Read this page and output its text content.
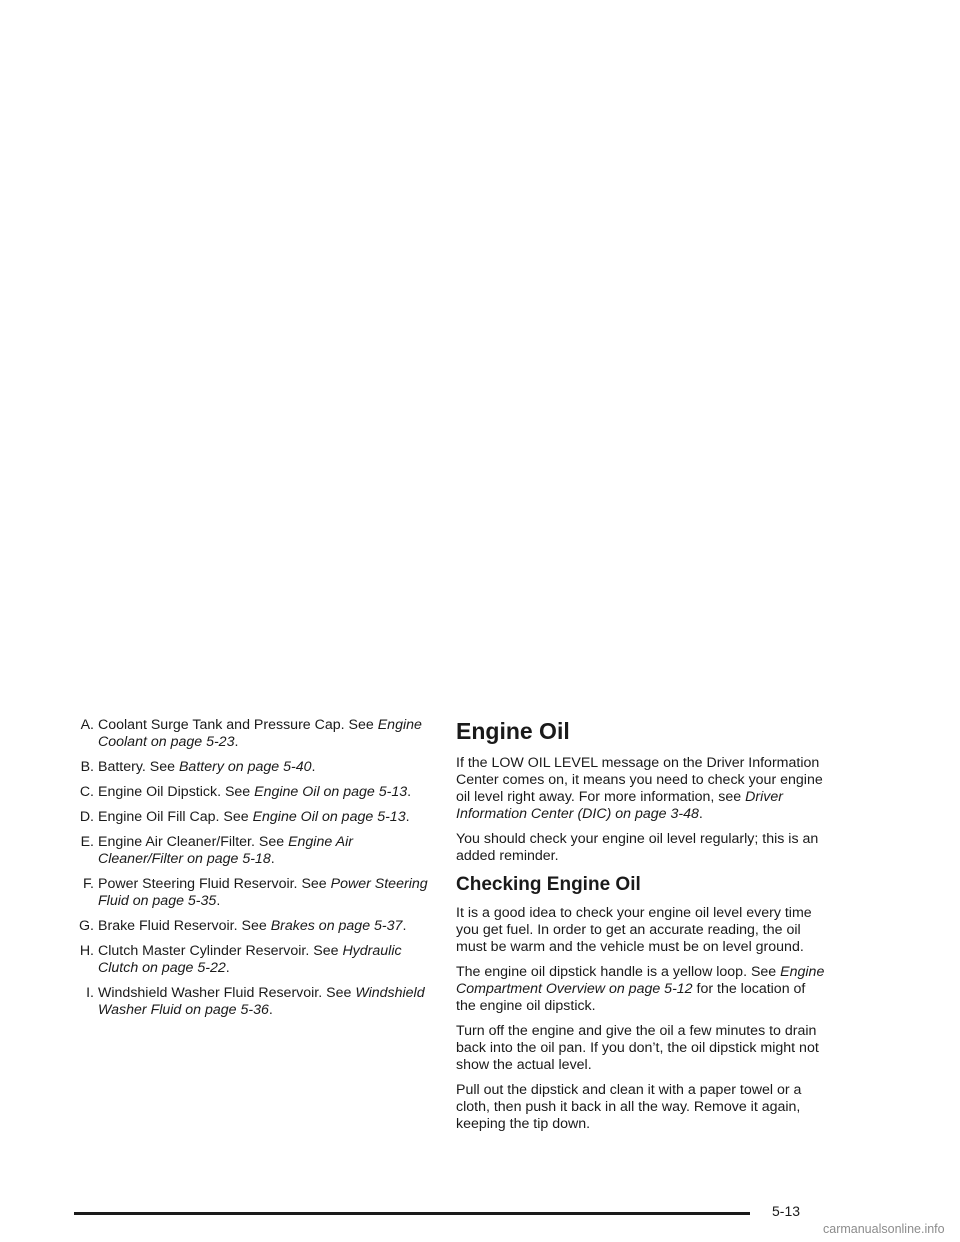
A. Coolant Surge Tank and Pressure Cap. See Engine Coolant on page 5-23.
B. Battery. See Battery on page 5-40.
C. Engine Oil Dipstick. See Engine Oil on page 5-13.
D. Engine Oil Fill Cap. See Engine Oil on page 5-13.
E. Engine Air Cleaner/Filter. See Engine Air Cleaner/Filter on page 5-18.
F. Power Steering Fluid Reservoir. See Power Steering Fluid on page 5-35.
G. Brake Fluid Reservoir. See Brakes on page 5-37.
H. Clutch Master Cylinder Reservoir. See Hydraulic Clutch on page 5-22.
I. Windshield Washer Fluid Reservoir. See Windshield Washer Fluid on page 5-36.
Engine Oil

If the LOW OIL LEVEL message on the Driver Information Center comes on, it means you need to check your engine oil level right away. For more information, see Driver Information Center (DIC) on page 3-48.

You should check your engine oil level regularly; this is an added reminder.

Checking Engine Oil

It is a good idea to check your engine oil level every time you get fuel. In order to get an accurate reading, the oil must be warm and the vehicle must be on level ground.

The engine oil dipstick handle is a yellow loop. See Engine Compartment Overview on page 5-12 for the location of the engine oil dipstick.

Turn off the engine and give the oil a few minutes to drain back into the oil pan. If you don’t, the oil dipstick might not show the actual level.

Pull out the dipstick and clean it with a paper towel or a cloth, then push it back in all the way. Remove it again, keeping the tip down.

5-13
carmanualsonline.info
